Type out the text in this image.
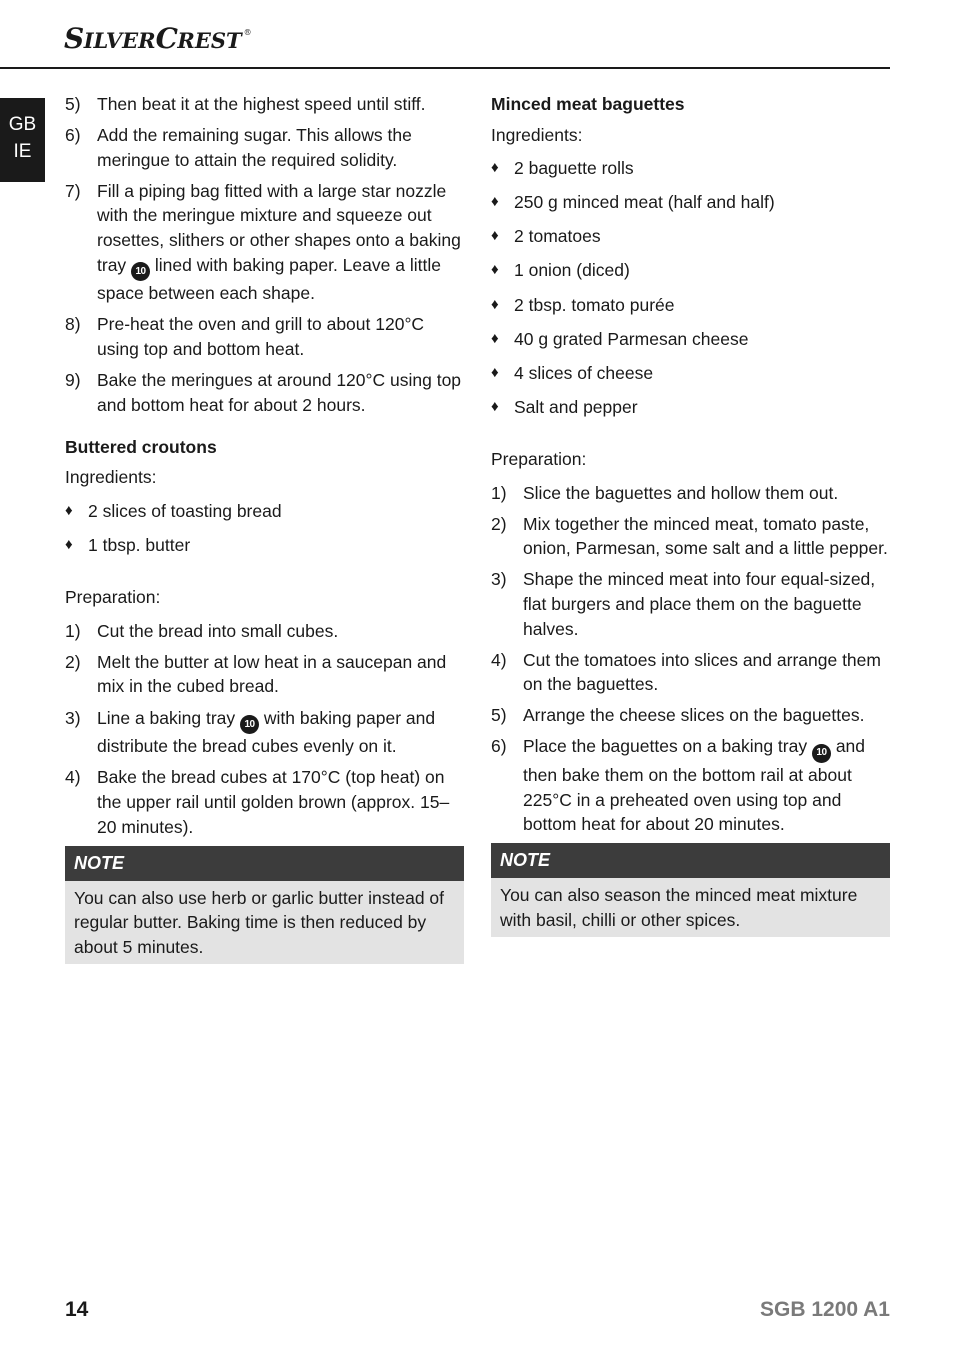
SILVERCREST ®
GB
IE
5) Then beat it at the highest speed until stiff.
6) Add the remaining sugar. This allows the meringue to attain the required solidity.
7) Fill a piping bag fitted with a large star nozzle with the meringue mixture and squeeze out rosettes, slithers or other shapes onto a baking tray 10 lined with baking paper. Leave a little space between each shape.
8) Pre-heat the oven and grill to about 120°C using top and bottom heat.
9) Bake the meringues at around 120°C using top and bottom heat for about 2 hours.
Buttered croutons
Ingredients:
♦ 2 slices of toasting bread
♦ 1 tbsp. butter
Preparation:
1) Cut the bread into small cubes.
2) Melt the butter at low heat in a saucepan and mix in the cubed bread.
3) Line a baking tray 10 with baking paper and distribute the bread cubes evenly on it.
4) Bake the bread cubes at 170°C (top heat) on the upper rail until golden brown (approx. 15–20 minutes).
NOTE
You can also use herb or garlic butter instead of regular butter. Baking time is then reduced by about 5 minutes.
Minced meat baguettes
Ingredients:
♦ 2 baguette rolls
♦ 250 g minced meat (half and half)
♦ 2 tomatoes
♦ 1 onion (diced)
♦ 2 tbsp. tomato purée
♦ 40 g grated Parmesan cheese
♦ 4 slices of cheese
♦ Salt and pepper
Preparation:
1) Slice the baguettes and hollow them out.
2) Mix together the minced meat, tomato paste, onion, Parmesan, some salt and a little pepper.
3) Shape the minced meat into four equal-sized, flat burgers and place them on the baguette halves.
4) Cut the tomatoes into slices and arrange them on the baguettes.
5) Arrange the cheese slices on the baguettes.
6) Place the baguettes on a baking tray 10 and then bake them on the bottom rail at about 225°C in a preheated oven using top and bottom heat for about 20 minutes.
NOTE
You can also season the minced meat mixture with basil, chilli or other spices.
14	SGB 1200 A1
